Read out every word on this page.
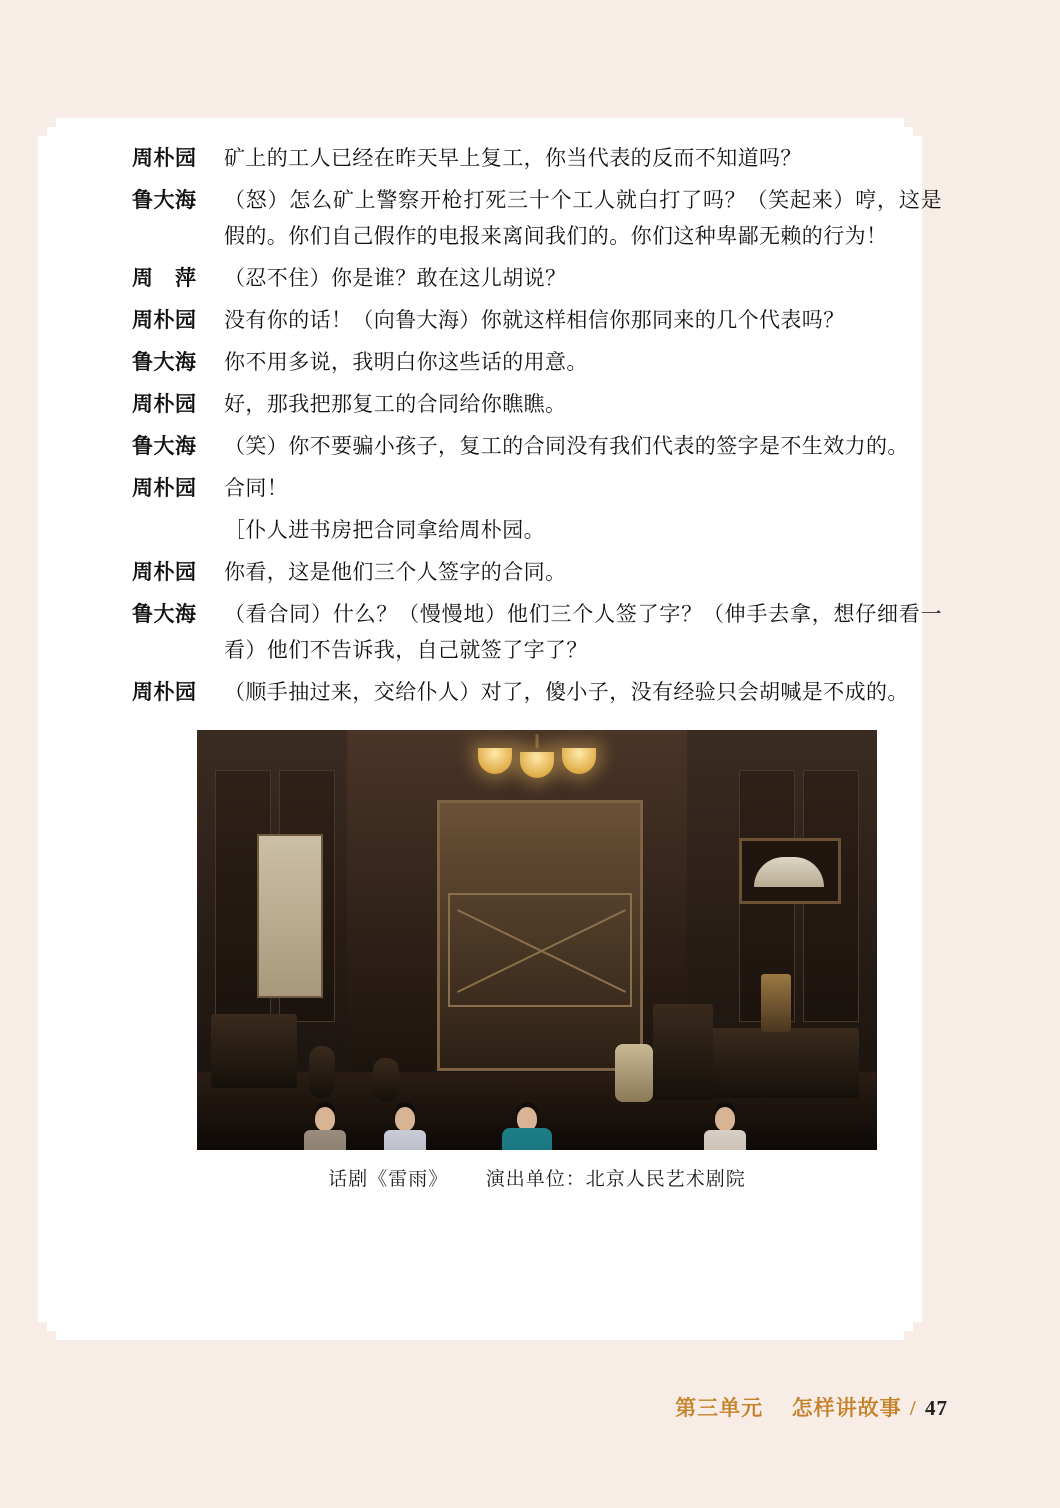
周朴园	矿上的工人已经在昨天早上复工，你当代表的反而不知道吗？
鲁大海	（怒）怎么矿上警察开枪打死三十个工人就白打了吗？（笑起来）哼，这是假的。你们自己假作的电报来离间我们的。你们这种卑鄙无赖的行为！
周　萍	（忍不住）你是谁？敢在这儿胡说？
周朴园	没有你的话！（向鲁大海）你就这样相信你那同来的几个代表吗？
鲁大海	你不用多说，我明白你这些话的用意。
周朴园	好，那我把那复工的合同给你瞧瞧。
鲁大海	（笑）你不要骗小孩子，复工的合同没有我们代表的签字是不生效力的。
周朴园	合同！
［仆人进书房把合同拿给周朴园。
周朴园	你看，这是他们三个人签字的合同。
鲁大海	（看合同）什么？（慢慢地）他们三个人签了字？（伸手去拿，想仔细看一看）他们不告诉我，自己就签了字了？
周朴园	（顺手抽过来，交给仆人）对了，傻小子，没有经验只会胡喊是不成的。
话剧《雷雨》 演出单位：北京人民艺术剧院
第三单元 怎样讲故事 / 47
